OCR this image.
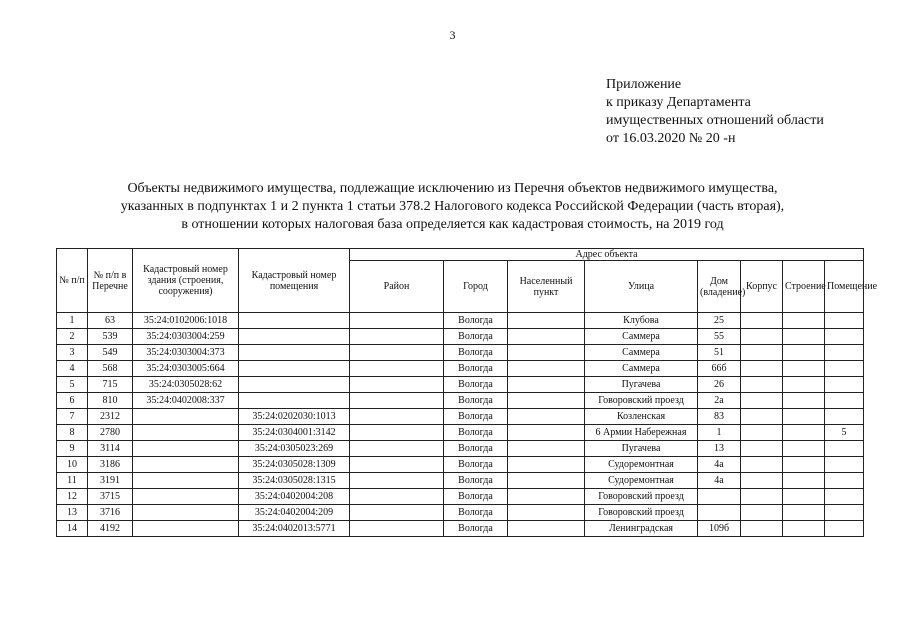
3
Приложение
к приказу Департамента
имущественных отношений области
от 16.03.2020 № 20 -н
Объекты недвижимого имущества, подлежащие исключению из Перечня объектов недвижимого имущества,
указанных в подпунктах 1 и 2 пункта 1 статьи 378.2 Налогового кодекса Российской Федерации (часть вторая),
в отношении которых налоговая база определяется как кадастровая стоимость, на 2019 год
№ п/п	№ п/п в Перечне	Кадастровый номер здания (строения, сооружения)	Кадастровый номер помещения	Адрес объекта							
				Район	Город	Населенный пункт	Улица	Дом (владение)	Корпус	Строение	Помещение
1	63	35:24:0102006:1018			Вологда		Клубова	25			
2	539	35:24:0303004:259			Вологда		Саммера	55			
3	549	35:24:0303004:373			Вологда		Саммера	51			
4	568	35:24:0303005:664			Вологда		Саммера	66б			
5	715	35:24:0305028:62			Вологда		Пугачева	26			
6	810	35:24:0402008:337			Вологда		Говоровский проезд	2а			
7	2312		35:24:0202030:1013		Вологда		Козленская	83			
8	2780		35:24:0304001:3142		Вологда		6 Армии Набережная	1			5
9	3114		35:24:0305023:269		Вологда		Пугачева	13			
10	3186		35:24:0305028:1309		Вологда		Судоремонтная	4а			
11	3191		35:24:0305028:1315		Вологда		Судоремонтная	4а			
12	3715		35:24:0402004:208		Вологда		Говоровский проезд				
13	3716		35:24:0402004:209		Вологда		Говоровский проезд				
14	4192		35:24:0402013:5771		Вологда		Ленинградская	109б			
